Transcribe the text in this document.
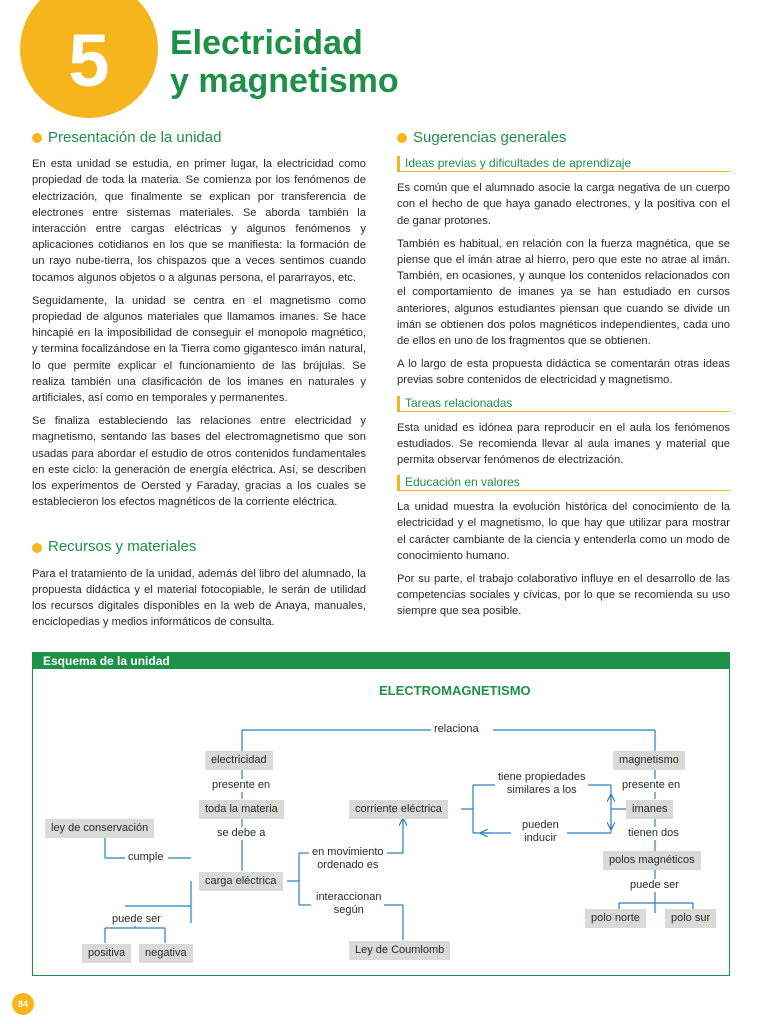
5	Electricidad
y magnetismo
Presentación de la unidad

En esta unidad se estudia, en primer lugar, la electricidad como propiedad de toda la materia. Se comienza por los fenómenos de electrización, que finalmente se explican por transferencia de electrones entre sistemas materiales. Se aborda también la interacción entre cargas eléctricas y algunos fenómenos y aplicaciones cotidianos en los que se manifiesta: la formación de un rayo nube-tierra, los chispazos que a veces sentimos cuando tocamos algunos objetos o a algunas persona, el pararrayos, etc.

Seguidamente, la unidad se centra en el magnetismo como propiedad de algunos materiales que llamamos imanes. Se hace hincapié en la imposibilidad de conseguir el monopolo magnético, y termina focalizándose en la Tierra como gigantesco imán natural, lo que permite explicar el funcionamiento de las brújulas. Se realiza también una clasificación de los imanes en naturales y artificiales, así como en temporales y permanentes.

Se finaliza estableciendo las relaciones entre electricidad y magnetismo, sentando las bases del electromagnetismo que son usadas para abordar el estudio de otros contenidos fundamentales en este ciclo: la generación de energía eléctrica. Así, se describen los experimentos de Oersted y Faraday, gracias a los cuales se establecieron los efectos magnéticos de la corriente eléctrica.

Recursos y materiales

Para el tratamiento de la unidad, además del libro del alumnado, la propuesta didáctica y el material fotocopiable, le serán de utilidad los recursos digitales disponibles en la web de Anaya, manuales, enciclopedias y medios informáticos de consulta.

Sugerencias generales
Ideas previas y dificultades de aprendizaje

Es común que el alumnado asocie la carga negativa de un cuerpo con el hecho de que haya ganado electrones, y la positiva con el de ganar protones.

También es habitual, en relación con la fuerza magnética, que se piense que el imán atrae al hierro, pero que este no atrae al imán. También, en ocasiones, y aunque los contenidos relacionados con el comportamiento de imanes ya se han estudiado en cursos anteriores, algunos estudiantes piensan que cuando se divide un imán se obtienen dos polos magnéticos independientes, cada uno de ellos en uno de los fragmentos que se obtienen.

A lo largo de esta propuesta didáctica se comentarán otras ideas previas sobre contenidos de electricidad y magnetismo.

Tareas relacionadas

Esta unidad es idónea para reproducir en el aula los fenómenos estudiados. Se recomienda llevar al aula imanes y material que permita observar fenómenos de electrización.

Educación en valores

La unidad muestra la evolución histórica del conocimiento de la electricidad y el magnetismo, lo que hay que utilizar para mostrar el carácter cambiante de la ciencia y entenderla como un modo de conocimiento humano.

Por su parte, el trabajo colaborativo influye en el desarrollo de las competencias sociales y cívicas, por lo que se recomienda su uso siempre que sea posible.

Esquema de la unidad
ELECTROMAGNETISMO
relaciona
electricidad
presente en
toda la materia
se debe a
ley de conservación
cumple
carga eléctrica
puede ser
positiva	negativa
en movimiento
ordenado es
interaccionan
según
Ley de Coumlomb
corriente eléctrica
tiene propiedades
similares a los
pueden
inducir
magnetismo
presente en
imanes
tienen dos
polos magnéticos
puede ser
polo norte	polo sur
84
